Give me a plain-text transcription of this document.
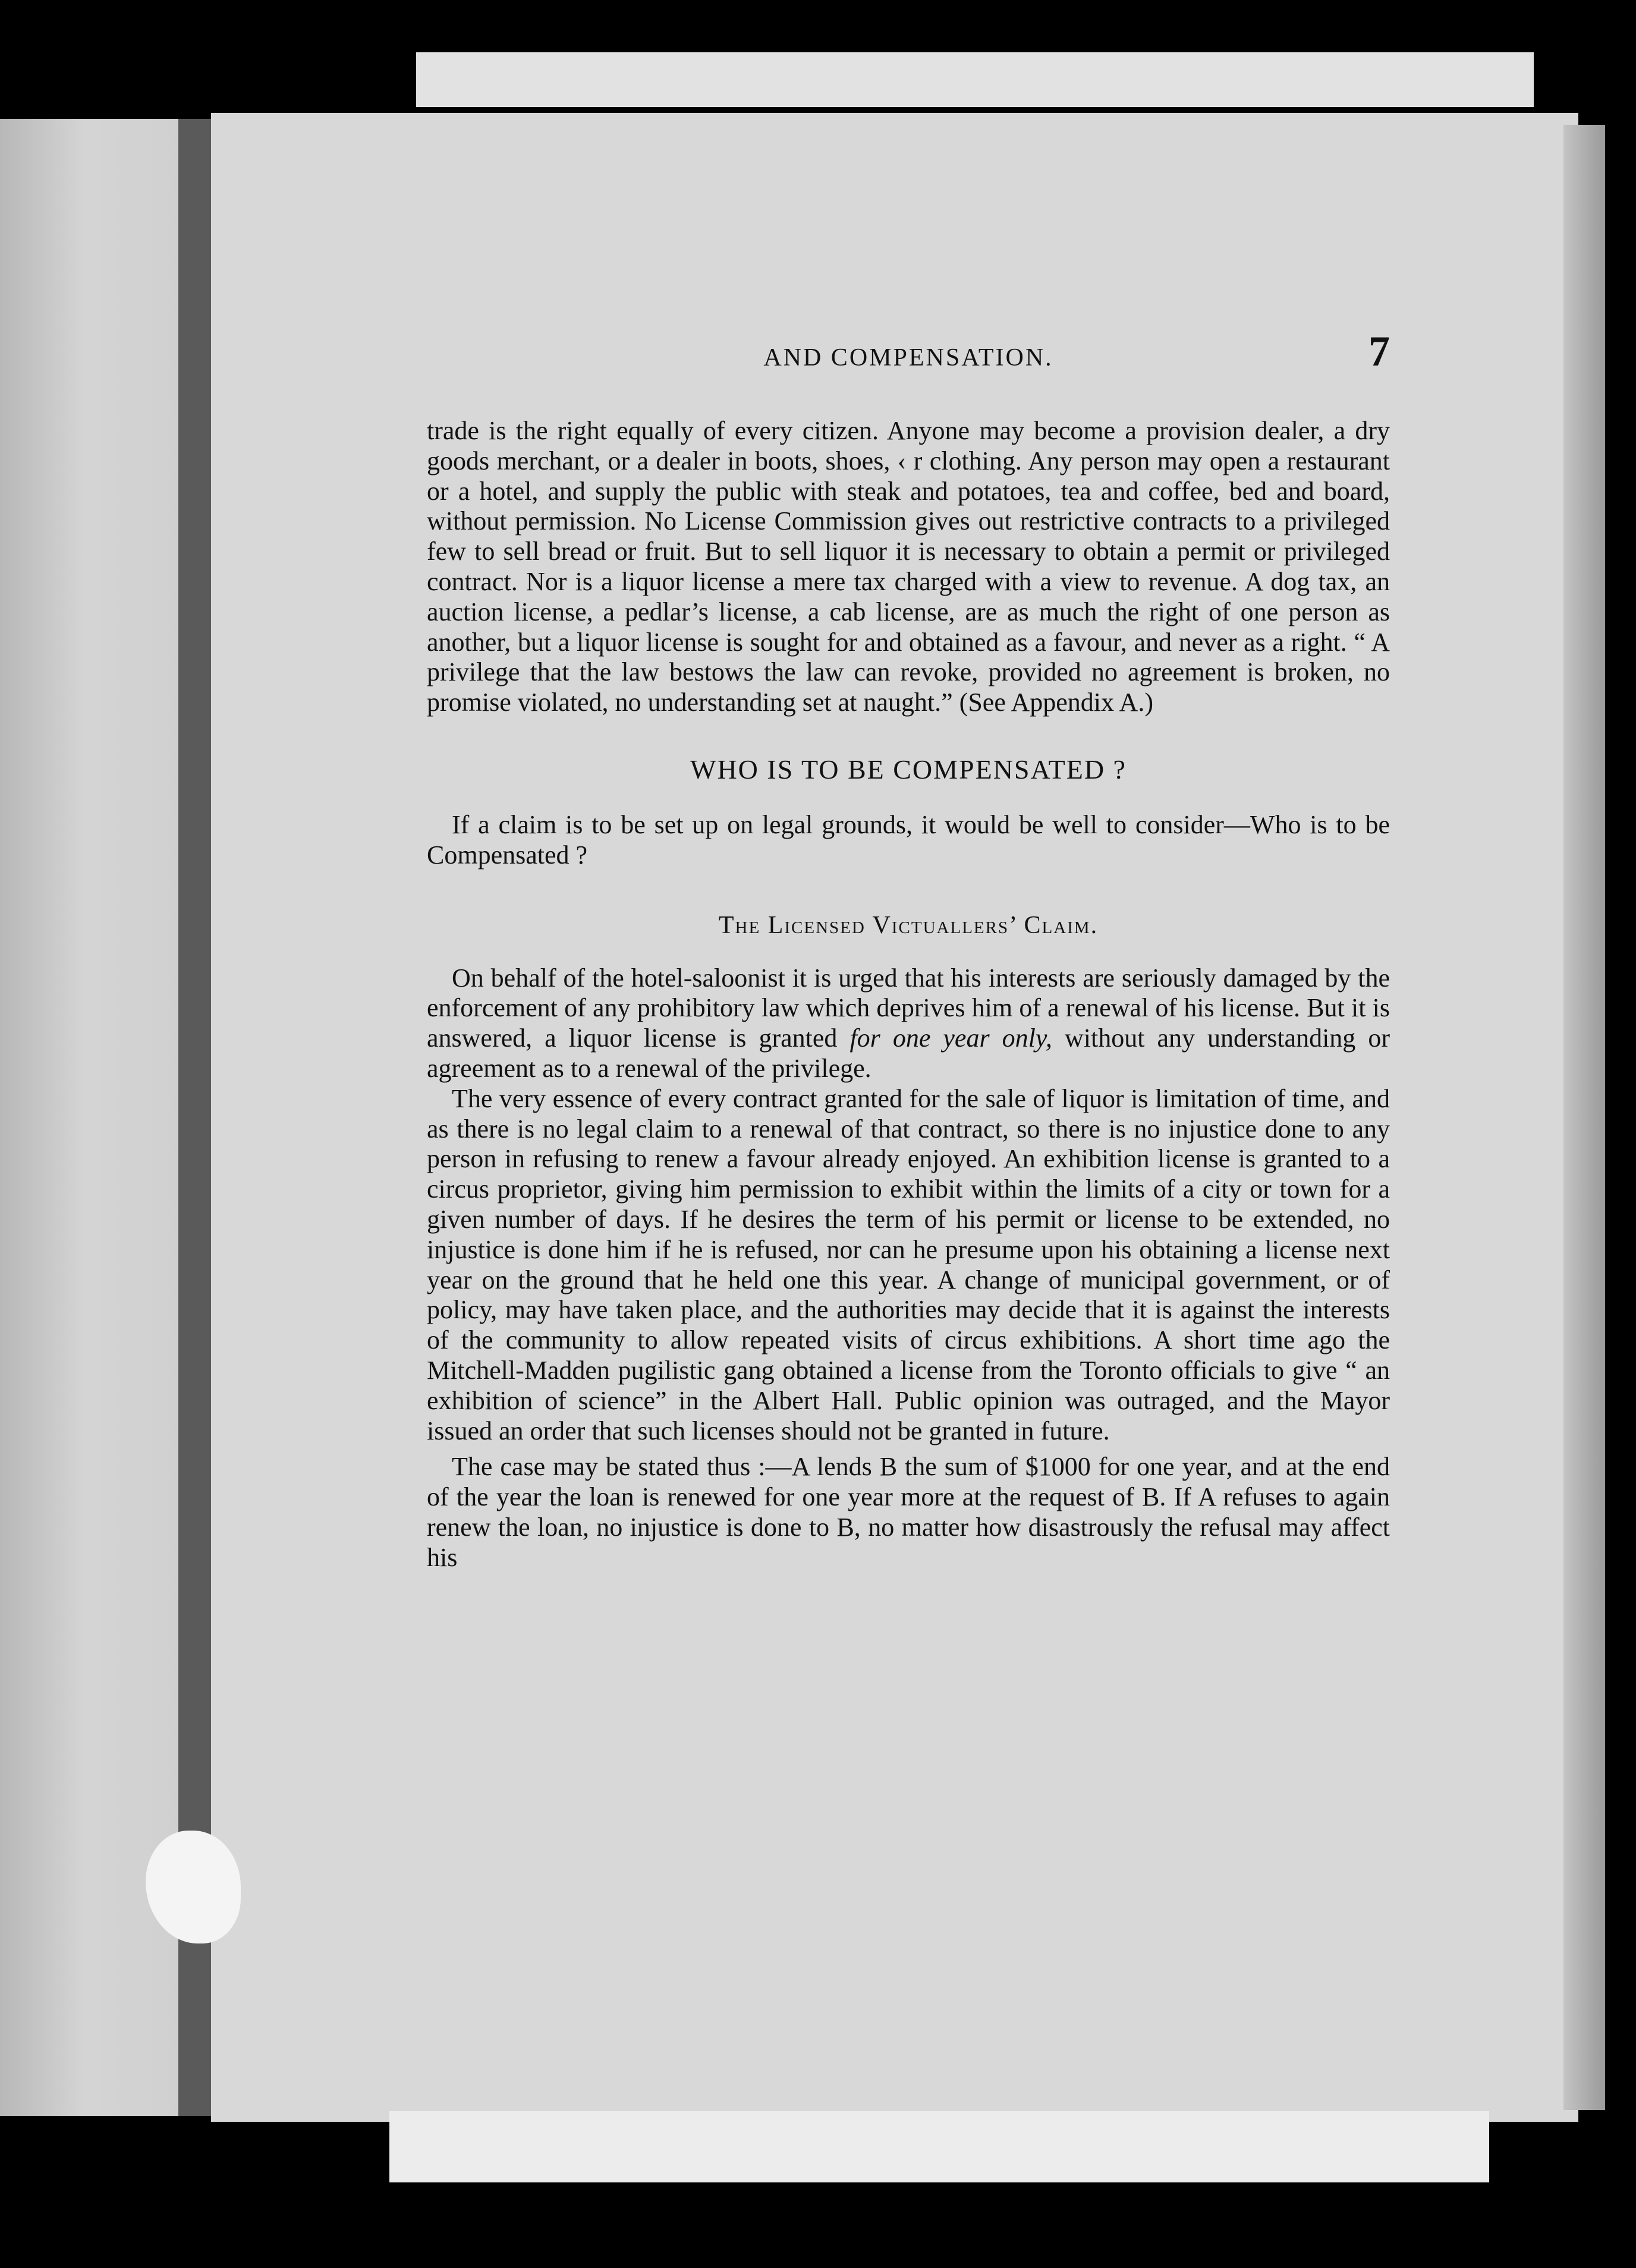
AND COMPENSATION.	7

trade is the right equally of every citizen. Anyone may become a provision dealer, a dry goods merchant, or a dealer in boots, shoes, ‹ r clothing. Any person may open a restaurant or a hotel, and supply the public with steak and potatoes, tea and coffee, bed and board, without permission. No License Commission gives out restrictive contracts to a privileged few to sell bread or fruit. But to sell liquor it is necessary to obtain a permit or privileged contract. Nor is a liquor license a mere tax charged with a view to revenue. A dog tax, an auction license, a pedlar’s license, a cab license, are as much the right of one person as another, but a liquor license is sought for and obtained as a favour, and never as a right. “ A privilege that the law bestows the law can revoke, provided no agreement is broken, no promise violated, no understanding set at naught.” (See Appendix A.)

WHO IS TO BE COMPENSATED ?

If a claim is to be set up on legal grounds, it would be well to consider—Who is to be Compensated ?

The Licensed Victuallers’ Claim.

On behalf of the hotel-saloonist it is urged that his interests are seriously damaged by the enforcement of any prohibitory law which deprives him of a renewal of his license. But it is answered, a liquor license is granted for one year only, without any understanding or agreement as to a renewal of the privilege.

The very essence of every contract granted for the sale of liquor is limitation of time, and as there is no legal claim to a renewal of that contract, so there is no injustice done to any person in refusing to renew a favour already enjoyed. An exhibition license is granted to a circus proprietor, giving him permission to exhibit within the limits of a city or town for a given number of days. If he desires the term of his permit or license to be extended, no injustice is done him if he is refused, nor can he presume upon his obtaining a license next year on the ground that he held one this year. A change of municipal government, or of policy, may have taken place, and the authorities may decide that it is against the interests of the community to allow repeated visits of circus exhibitions. A short time ago the Mitchell-Madden pugilistic gang obtained a license from the Toronto officials to give “ an exhibition of science” in the Albert Hall. Public opinion was outraged, and the Mayor issued an order that such licenses should not be granted in future.

The case may be stated thus :—A lends B the sum of $1000 for one year, and at the end of the year the loan is renewed for one year more at the request of B. If A refuses to again renew the loan, no injustice is done to B, no matter how disastrously the refusal may affect his
